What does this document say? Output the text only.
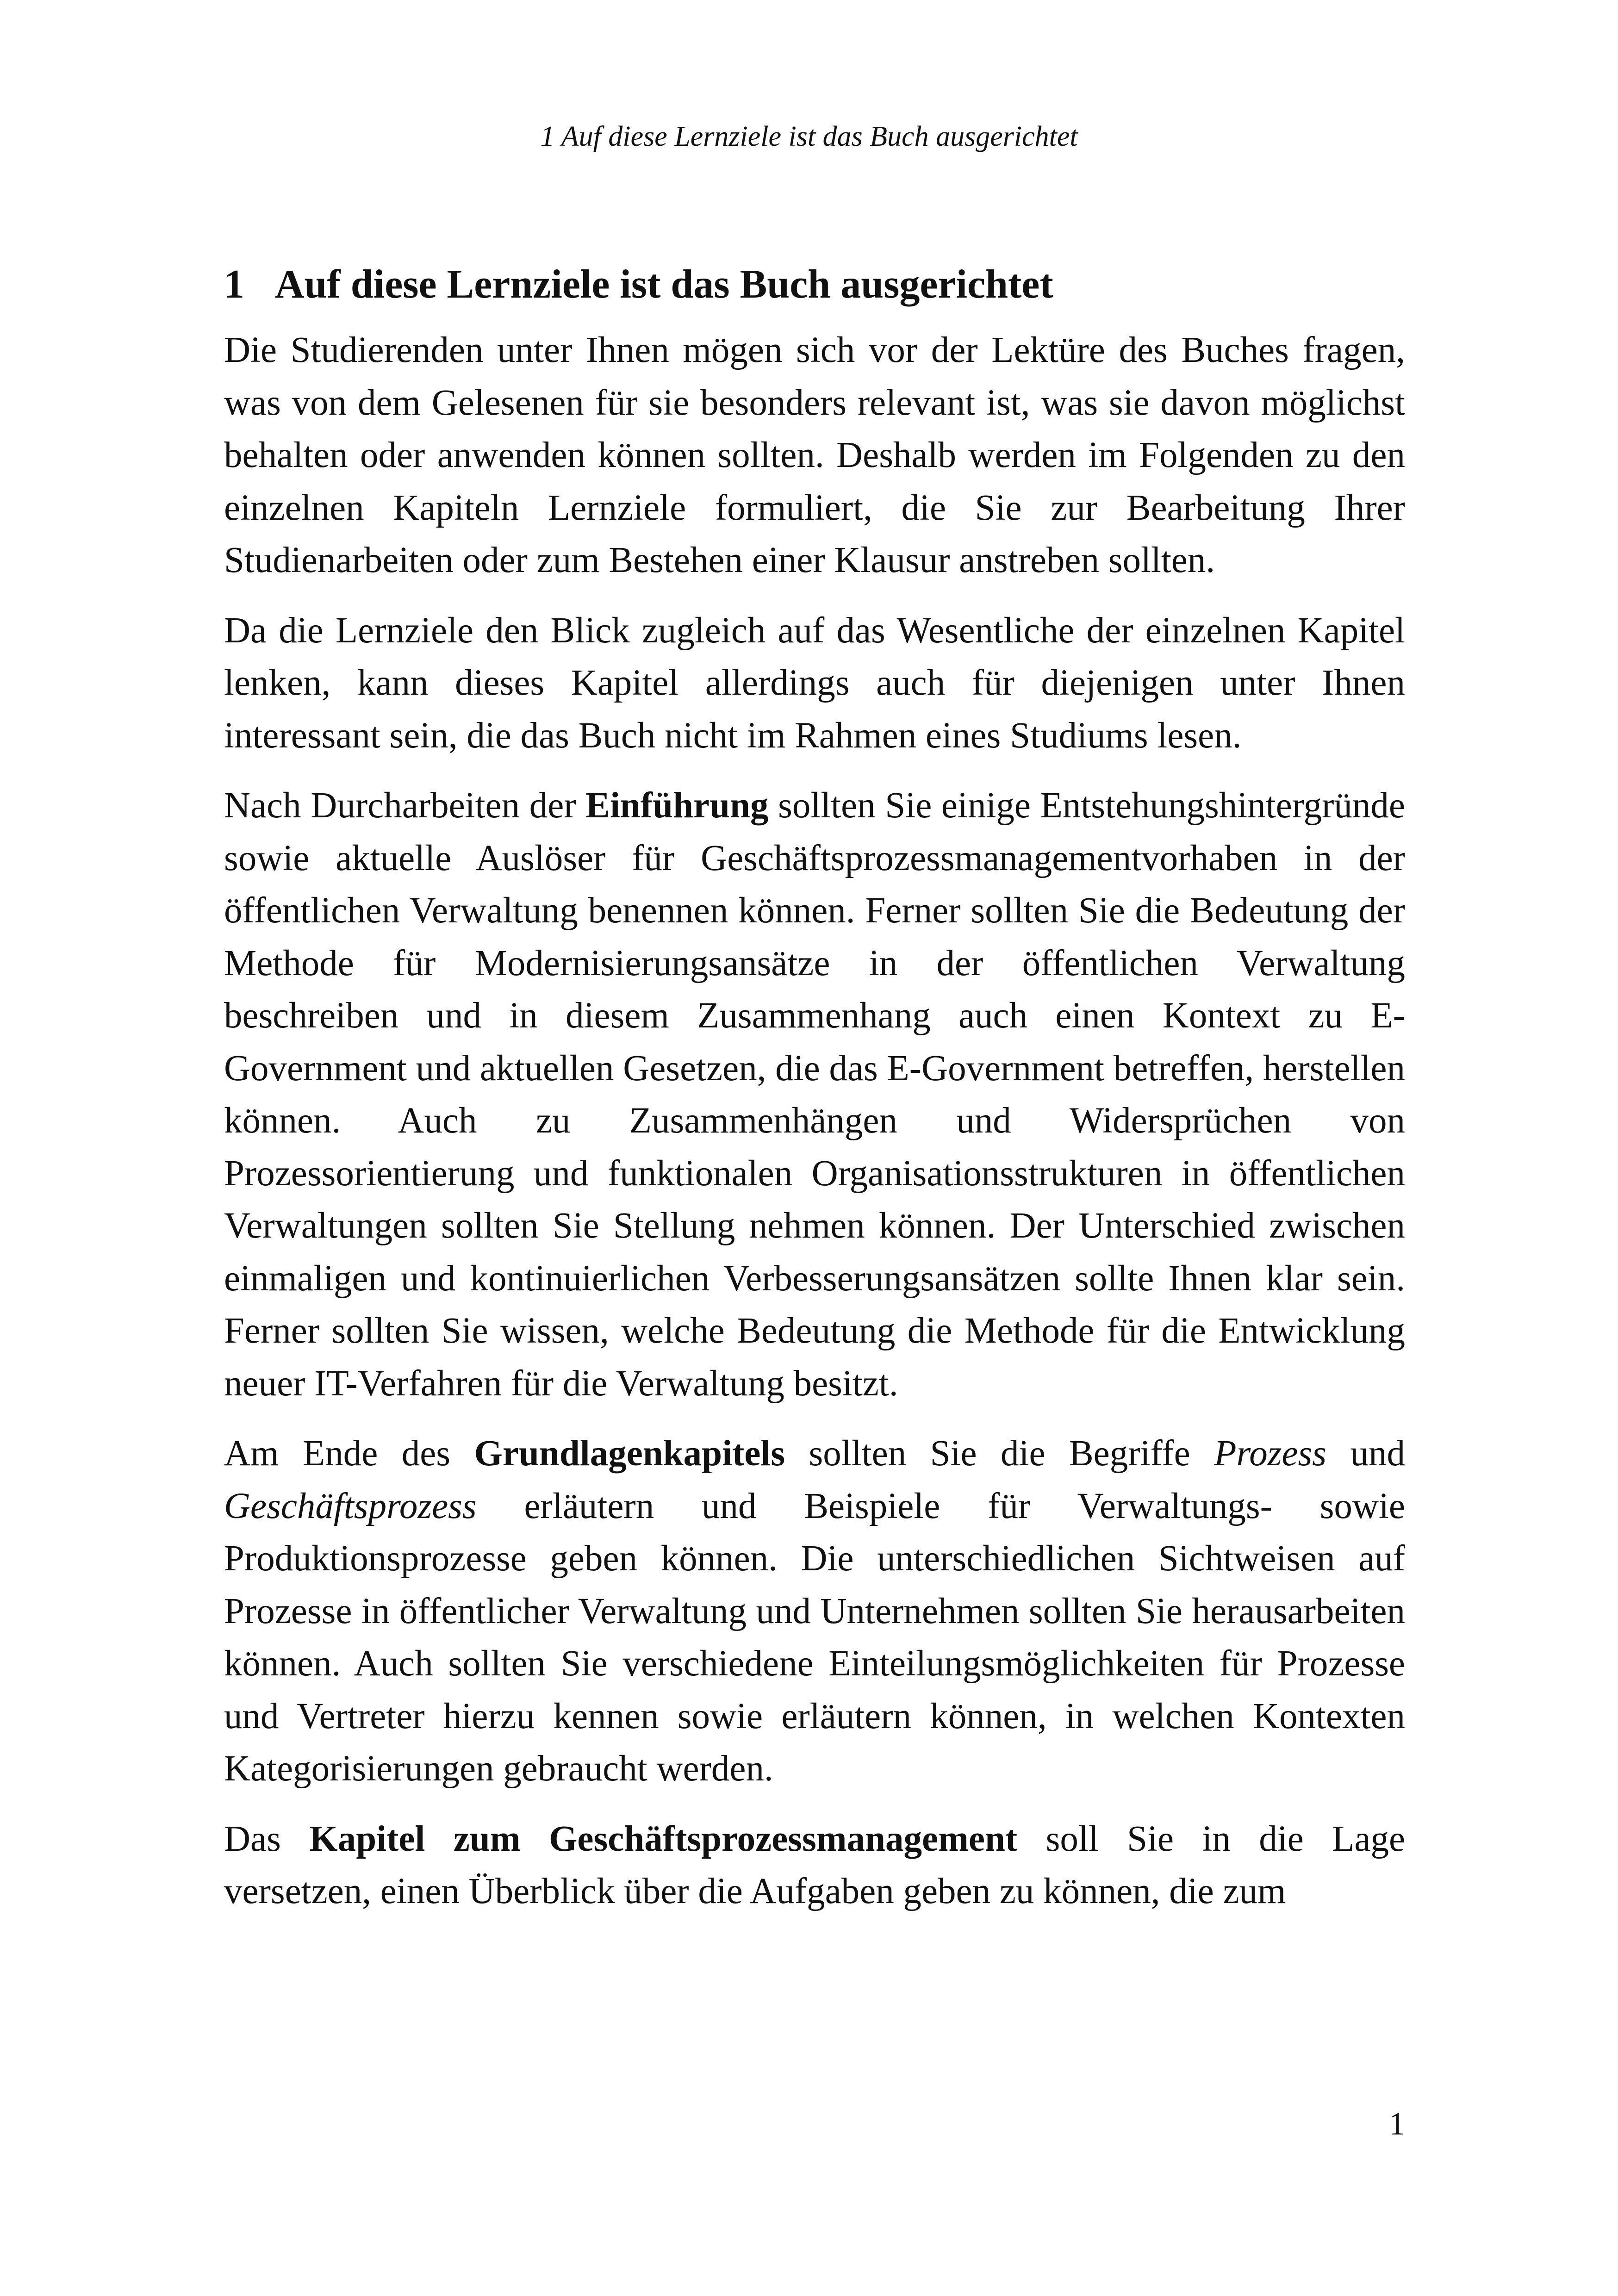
1 Auf diese Lernziele ist das Buch ausgerichtet
1 Auf diese Lernziele ist das Buch ausgerichtet

Die Studierenden unter Ihnen mögen sich vor der Lektüre des Buches fragen, was von dem Gelesenen für sie besonders relevant ist, was sie davon möglichst behalten oder anwenden können sollten. Deshalb werden im Folgenden zu den einzelnen Kapiteln Lernziele formuliert, die Sie zur Bearbeitung Ihrer Studienarbeiten oder zum Bestehen einer Klausur anstreben sollten.

Da die Lernziele den Blick zugleich auf das Wesentliche der einzelnen Kapitel lenken, kann dieses Kapitel allerdings auch für diejenigen unter Ihnen interessant sein, die das Buch nicht im Rahmen eines Studiums lesen.

Nach Durcharbeiten der Einführung sollten Sie einige Entstehungshintergründe sowie aktuelle Auslöser für Geschäftsprozessmanagementvorhaben in der öffentlichen Verwaltung benennen können. Ferner sollten Sie die Bedeutung der Methode für Modernisierungsansätze in der öffentlichen Verwaltung beschreiben und in diesem Zusammenhang auch einen Kontext zu E-Government und aktuellen Gesetzen, die das E-Government betreffen, herstellen können. Auch zu Zusammenhängen und Widersprüchen von Prozessorientierung und funktionalen Organisationsstrukturen in öffentlichen Verwaltungen sollten Sie Stellung nehmen können. Der Unterschied zwischen einmaligen und kontinuierlichen Verbesserungsansätzen sollte Ihnen klar sein. Ferner sollten Sie wissen, welche Bedeutung die Methode für die Entwicklung neuer IT-Verfahren für die Verwaltung besitzt.

Am Ende des Grundlagenkapitels sollten Sie die Begriffe Prozess und Geschäftsprozess erläutern und Beispiele für Verwaltungs- sowie Produktionsprozesse geben können. Die unterschiedlichen Sichtweisen auf Prozesse in öffentlicher Verwaltung und Unternehmen sollten Sie herausarbeiten können. Auch sollten Sie verschiedene Einteilungsmöglichkeiten für Prozesse und Vertreter hierzu kennen sowie erläutern können, in welchen Kontexten Kategorisierungen gebraucht werden.

Das Kapitel zum Geschäftsprozessmanagement soll Sie in die Lage versetzen, einen Überblick über die Aufgaben geben zu können, die zum

1
